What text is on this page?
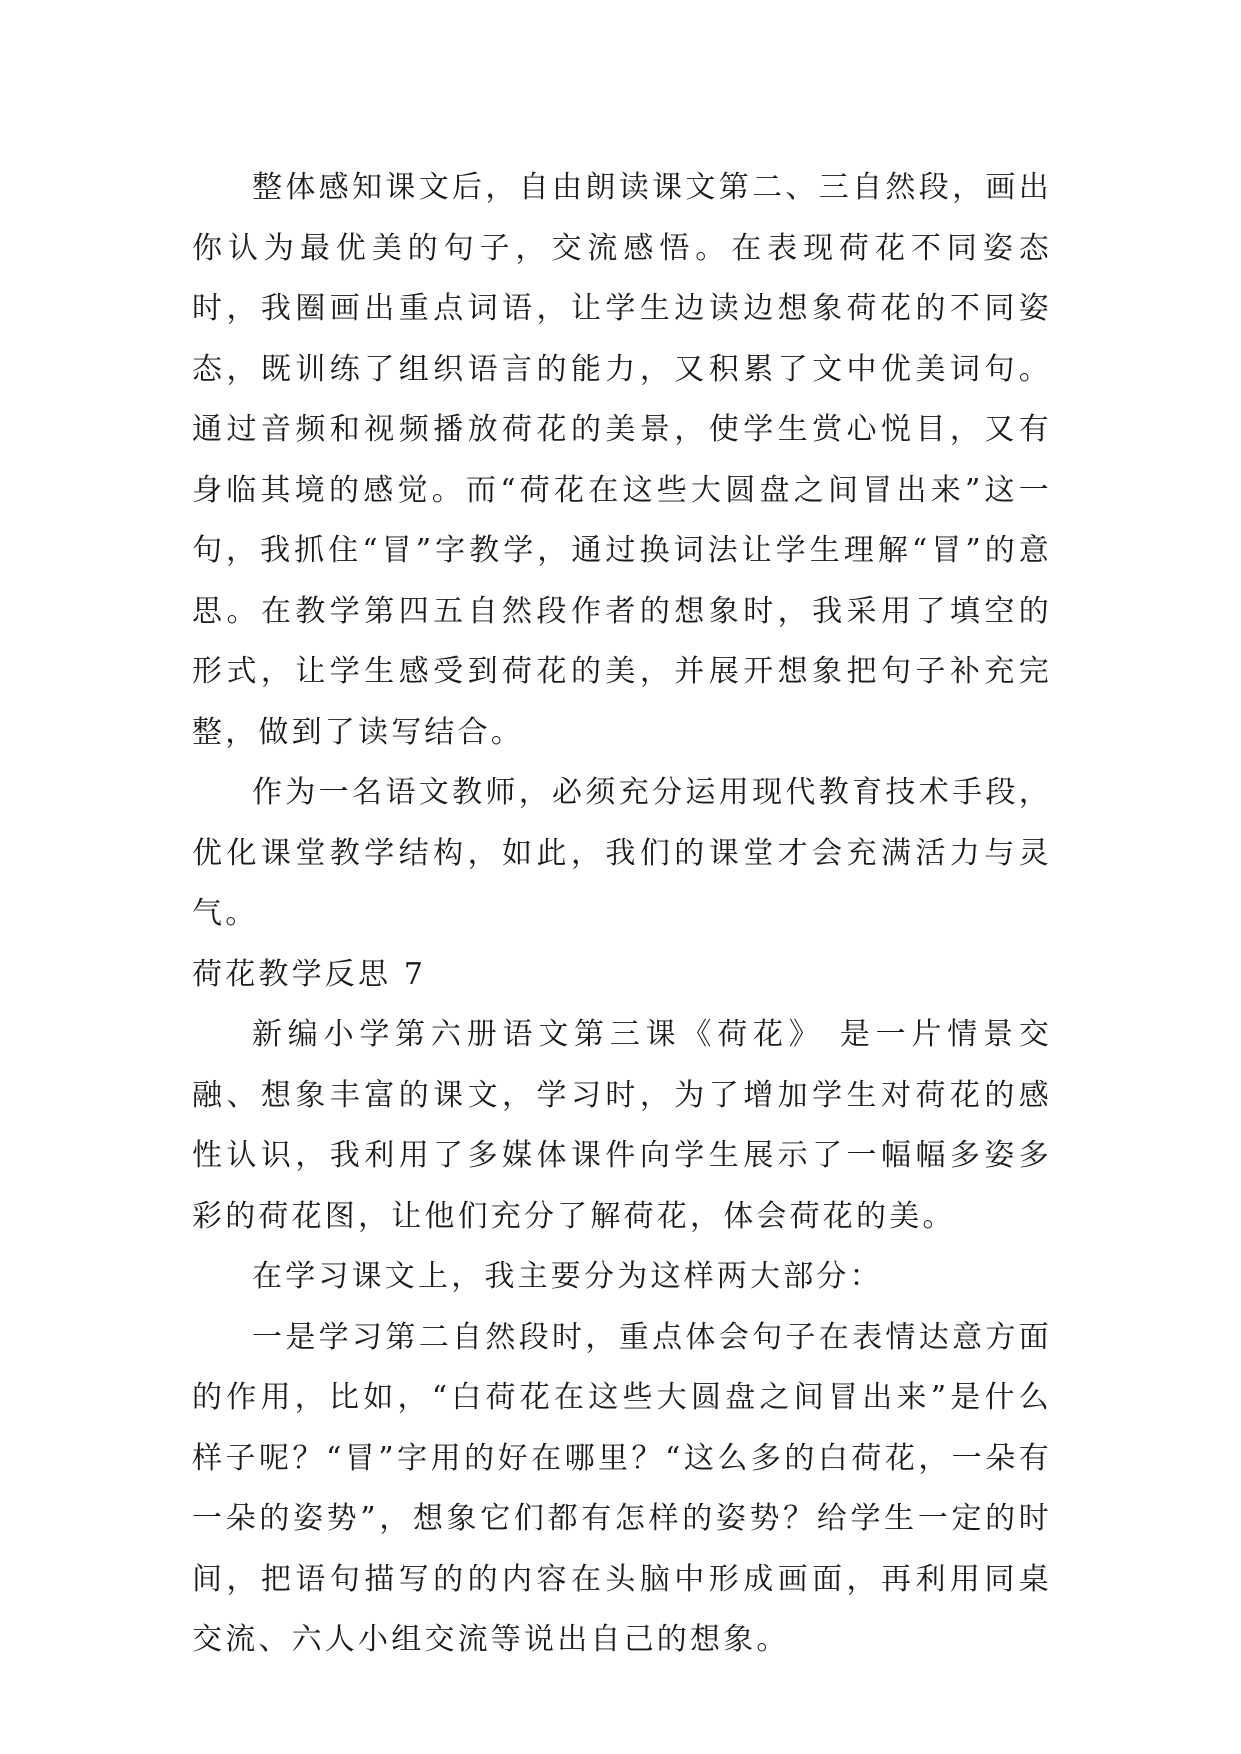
整体感知课文后，自由朗读课文第二、三自然段，画出你认为最优美的句子，交流感悟。在表现荷花不同姿态时，我圈画出重点词语，让学生边读边想象荷花的不同姿态，既训练了组织语言的能力，又积累了文中优美词句。通过音频和视频播放荷花的美景，使学生赏心悦目，又有身临其境的感觉。而“荷花在这些大圆盘之间冒出来”这一句，我抓住“冒”字教学，通过换词法让学生理解“冒”的意思。在教学第四五自然段作者的想象时，我采用了填空的形式，让学生感受到荷花的美，并展开想象把句子补充完整，做到了读写结合。

作为一名语文教师，必须充分运用现代教育技术手段，优化课堂教学结构，如此，我们的课堂才会充满活力与灵气。

荷花教学反思 7

新编小学第六册语文第三课《荷花》 是一片情景交融、想象丰富的课文，学习时，为了增加学生对荷花的感性认识，我利用了多媒体课件向学生展示了一幅幅多姿多彩的荷花图，让他们充分了解荷花，体会荷花的美。

在学习课文上，我主要分为这样两大部分：

一是学习第二自然段时，重点体会句子在表情达意方面的作用，比如，“白荷花在这些大圆盘之间冒出来”是什么样子呢？“冒”字用的好在哪里？“这么多的白荷花，一朵有一朵的姿势”，想象它们都有怎样的姿势？给学生一定的时间，把语句描写的的内容在头脑中形成画面，再利用同桌交流、六人小组交流等说出自己的想象。
